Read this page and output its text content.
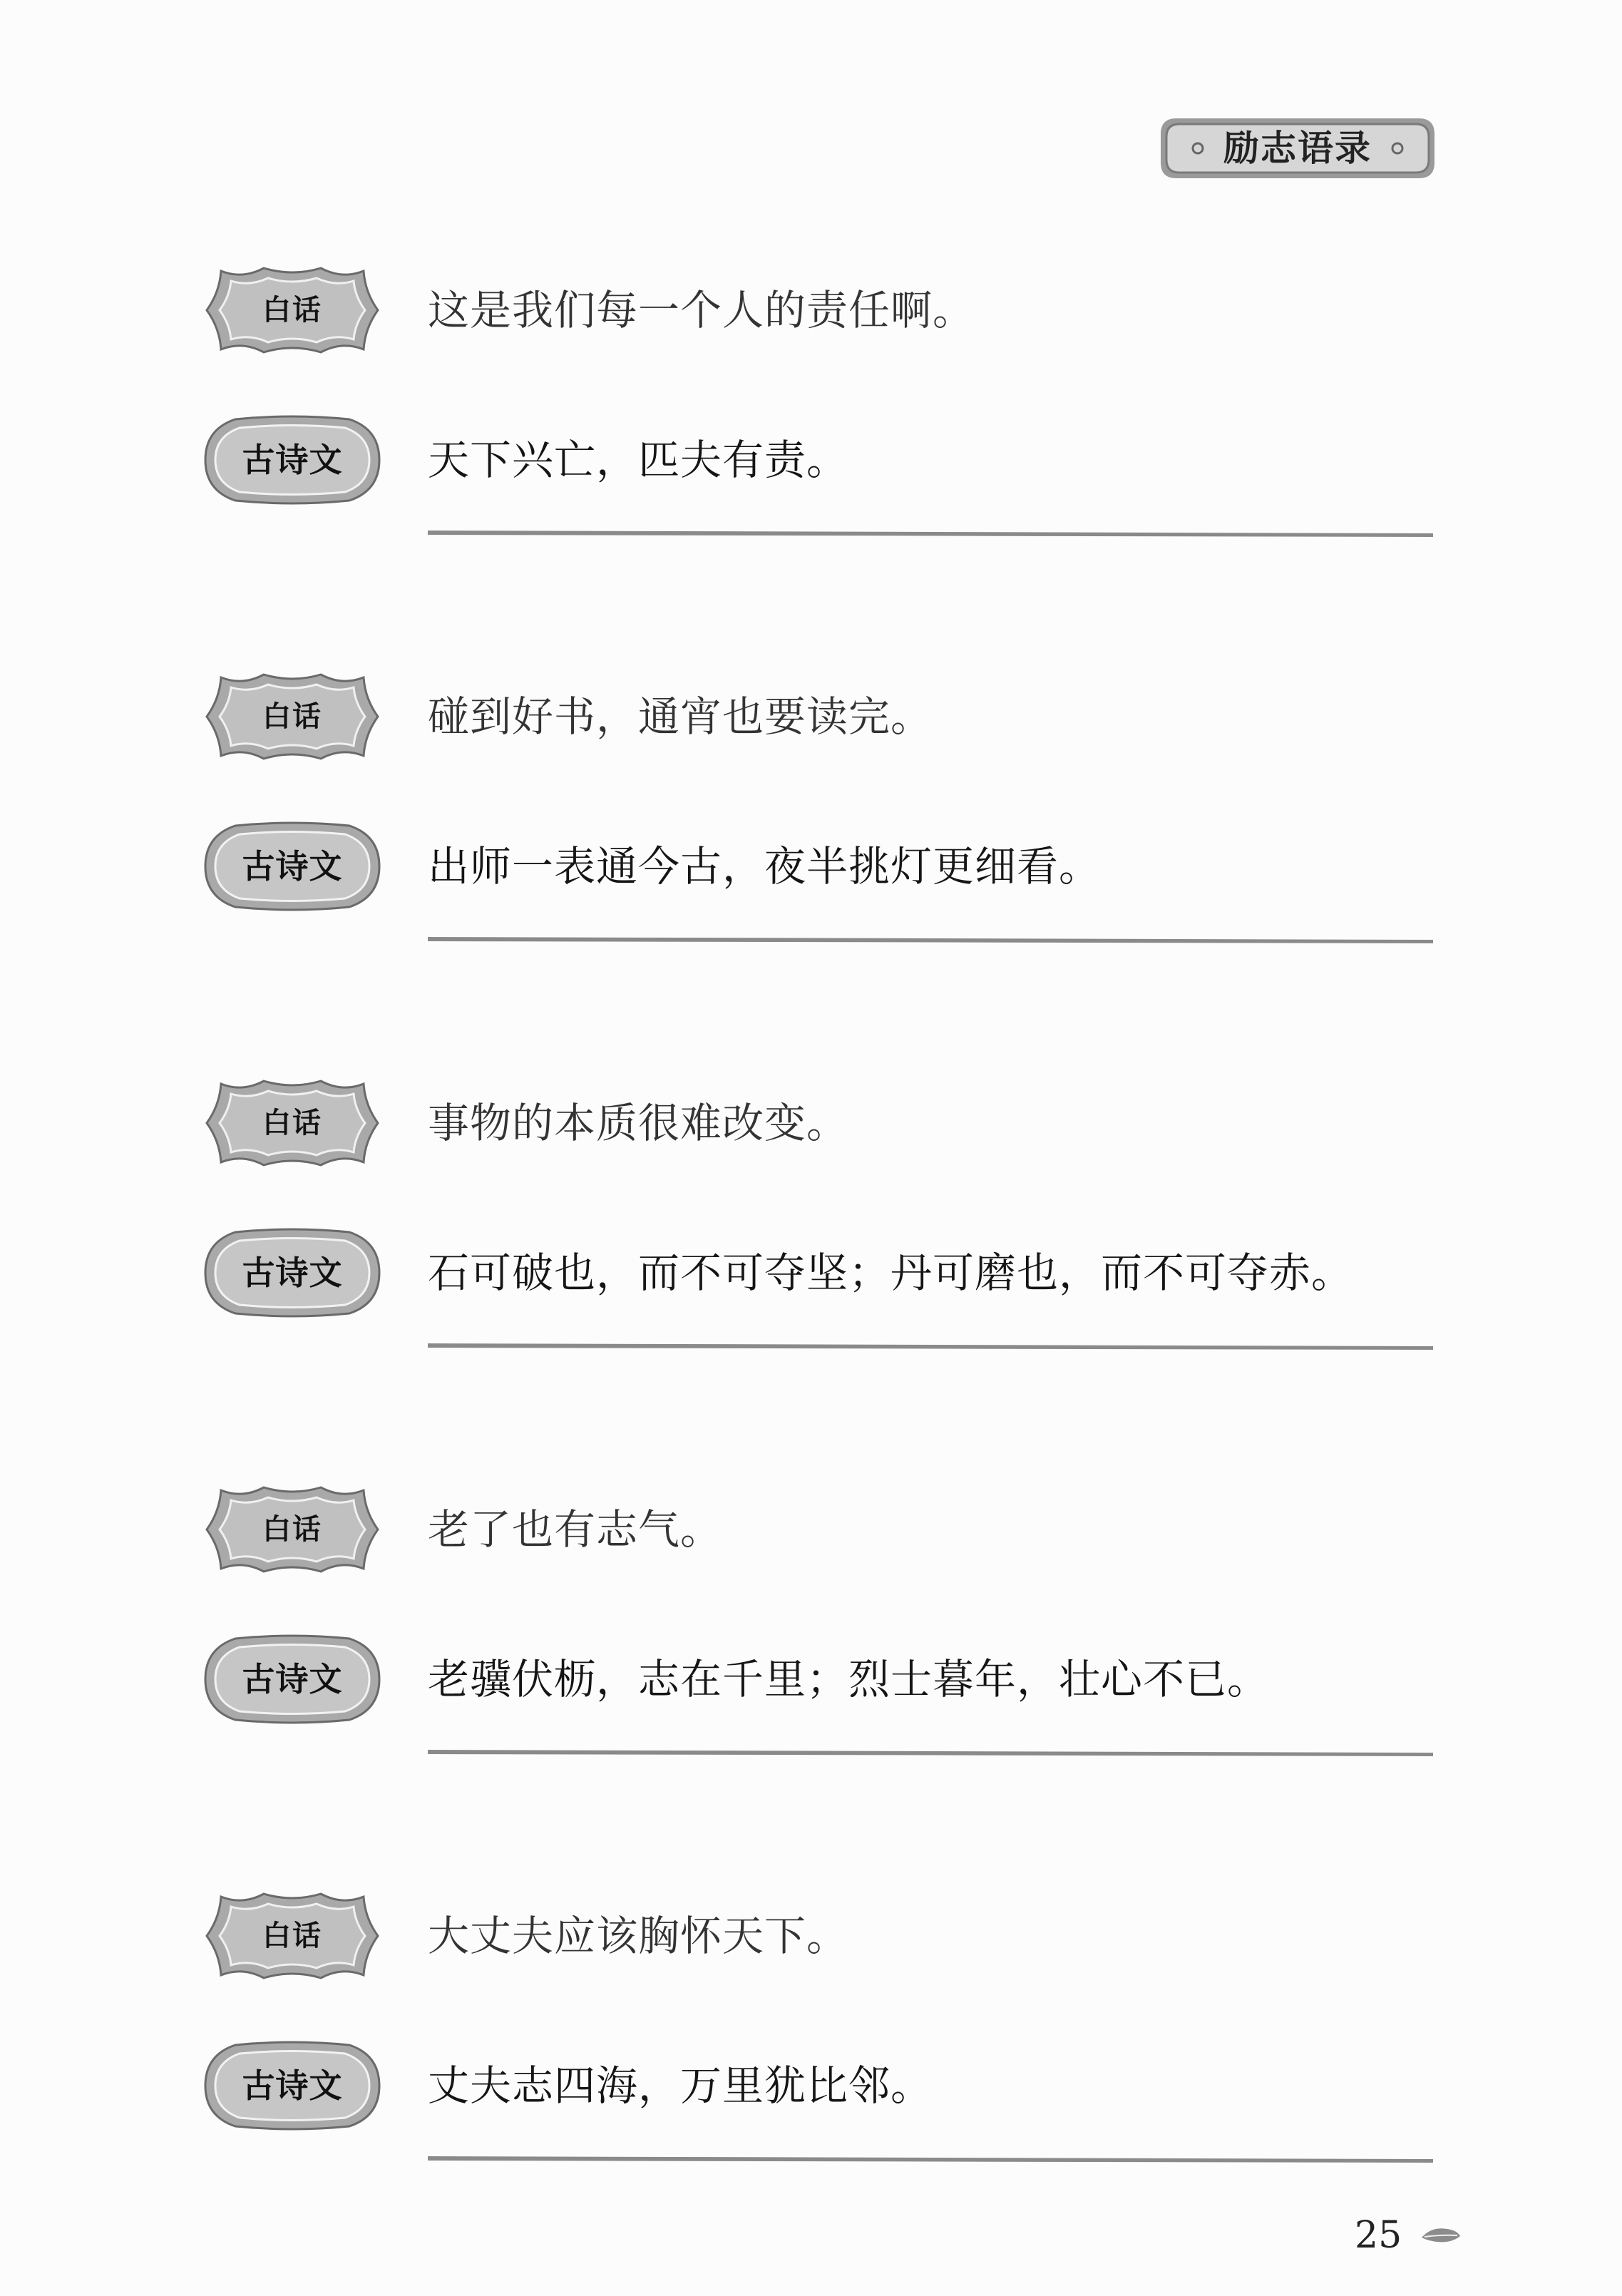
励志语录
白话	这是我们每一个人的责任啊。
古诗文	天下兴亡，匹夫有责。
白话	碰到好书，通宵也要读完。
古诗文	出师一表通今古，夜半挑灯更细看。
白话	事物的本质很难改变。
古诗文	石可破也，而不可夺坚；丹可磨也，而不可夺赤。
白话	老了也有志气。
古诗文	老骥伏枥，志在千里；烈士暮年，壮心不已。
白话	大丈夫应该胸怀天下。
古诗文	丈夫志四海，万里犹比邻。
25
